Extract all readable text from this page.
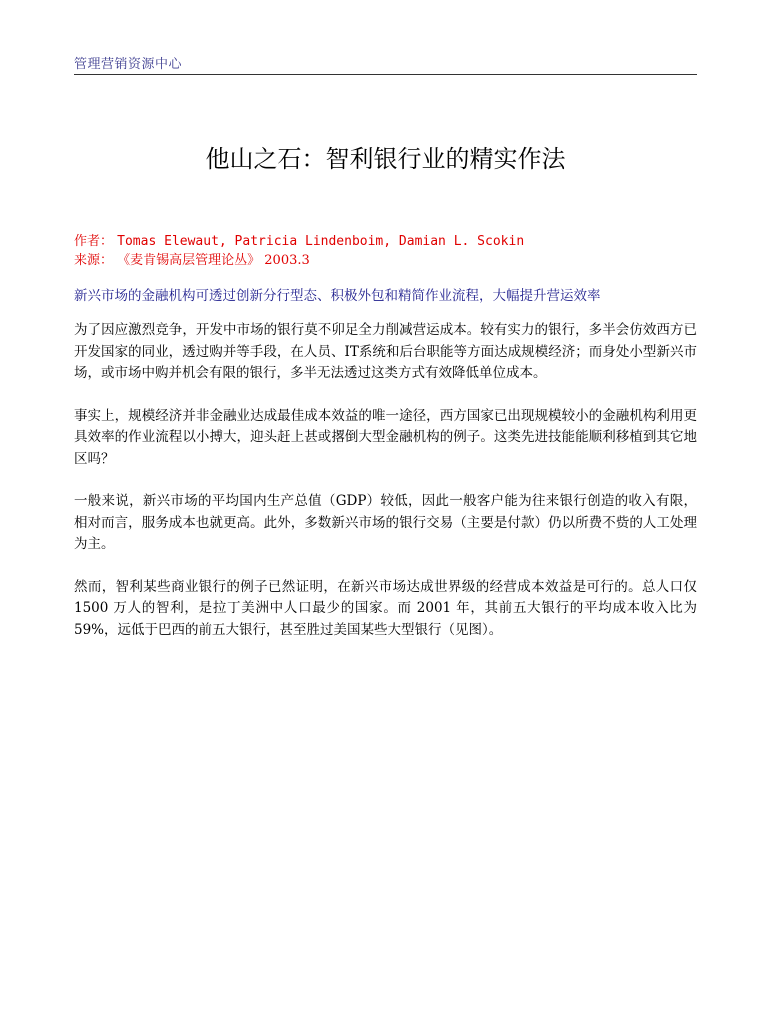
管理营销资源中心
他山之石：智利银行业的精实作法
作者： Tomas Elewaut, Patricia Lindenboim, Damian L. Scokin
来源： 《麦肯锡高层管理论丛》 2003.3
新兴市场的金融机构可透过创新分行型态、积极外包和精简作业流程，大幅提升营运效率

为了因应激烈竞争，开发中市场的银行莫不卯足全力削减营运成本。较有实力的银行，多半会仿效西方已开发国家的同业，透过购并等手段，在人员、IT系统和后台职能等方面达成规模经济；而身处小型新兴市场，或市场中购并机会有限的银行，多半无法透过这类方式有效降低单位成本。

事实上，规模经济并非金融业达成最佳成本效益的唯一途径，西方国家已出现规模较小的金融机构利用更具效率的作业流程以小搏大，迎头赶上甚或撂倒大型金融机构的例子。这类先进技能能顺利移植到其它地区吗？

一般来说，新兴市场的平均国内生产总值（GDP）较低，因此一般客户能为往来银行创造的收入有限，相对而言，服务成本也就更高。此外，多数新兴市场的银行交易（主要是付款）仍以所费不赀的人工处理为主。

然而，智利某些商业银行的例子已然证明，在新兴市场达成世界级的经营成本效益是可行的。总人口仅 1500 万人的智利，是拉丁美洲中人口最少的国家。而 2001 年，其前五大银行的平均成本收入比为 59%，远低于巴西的前五大银行，甚至胜过美国某些大型银行（见图）。
